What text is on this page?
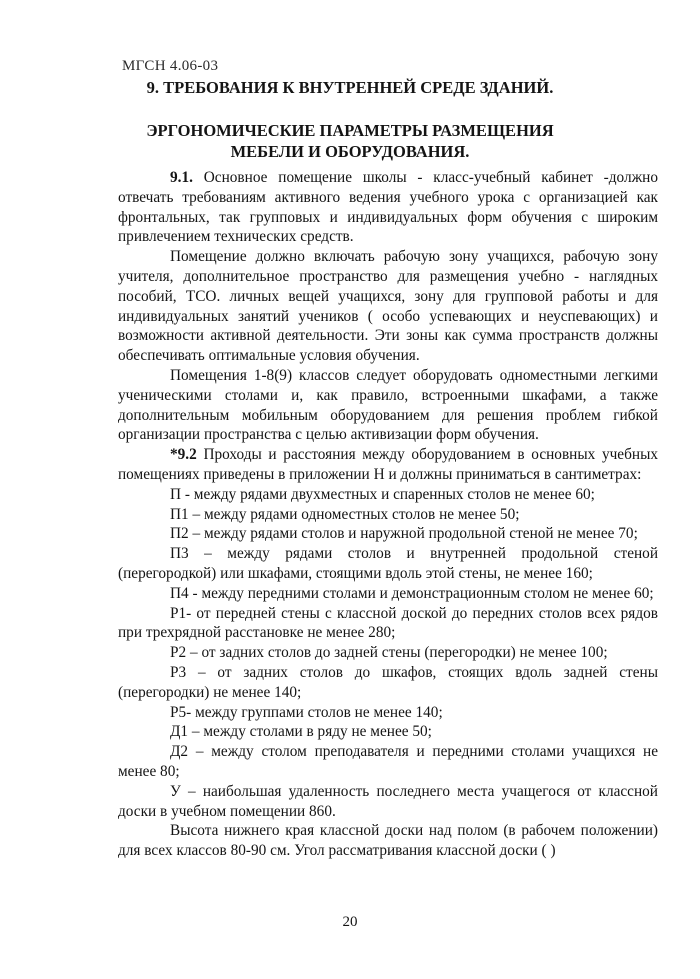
МГСН 4.06-03
9. ТРЕБОВАНИЯ К ВНУТРЕННЕЙ СРЕДЕ ЗДАНИЙ.
ЭРГОНОМИЧЕСКИЕ ПАРАМЕТРЫ РАЗМЕЩЕНИЯ
МЕБЕЛИ И ОБОРУДОВАНИЯ.

9.1. Основное помещение школы - класс-учебный кабинет -должно отвечать требованиям активного ведения учебного урока с организацией как фронтальных, так групповых и индивидуальных форм обучения с широким привлечением технических средств.

Помещение должно включать рабочую зону учащихся, рабочую зону учителя, дополнительное пространство для размещения учебно - наглядных пособий, ТСО. личных вещей учащихся, зону для групповой работы и для индивидуальных занятий учеников ( особо успевающих и неуспевающих) и возможности активной деятельности. Эти зоны как сумма пространств должны обеспечивать оптимальные условия обучения.

Помещения 1-8(9) классов следует оборудовать одноместными легкими ученическими столами и, как правило, встроенными шкафами, а также дополнительным мобильным оборудованием для решения проблем гибкой организации пространства с целью активизации форм обучения.

*9.2 Проходы и расстояния между оборудованием в основных учебных помещениях приведены в приложении Н и должны приниматься в сантиметрах:

П - между рядами двухместных и спаренных столов не менее 60;

П1 – между рядами одноместных столов не менее 50;

П2 – между рядами столов и наружной продольной стеной не менее 70;

П3 – между рядами столов и внутренней продольной стеной (перегородкой) или шкафами, стоящими вдоль этой стены, не менее 160;

П4 - между передними столами и демонстрационным столом не менее 60;

Р1- от передней стены с классной доской до передних столов всех рядов при трехрядной расстановке не менее 280;

Р2 – от задних столов до задней стены (перегородки) не менее 100;

Р3 – от задних столов до шкафов, стоящих вдоль задней стены (перегородки) не менее 140;

Р5- между группами столов не менее 140;

Д1 – между столами в ряду не менее 50;

Д2 – между столом преподавателя и передними столами учащихся не менее 80;

У – наибольшая удаленность последнего места учащегося от классной доски в учебном помещении 860.

Высота нижнего края классной доски над полом (в рабочем положении) для всех классов 80-90 см. Угол рассматривания классной доски ( )

20
